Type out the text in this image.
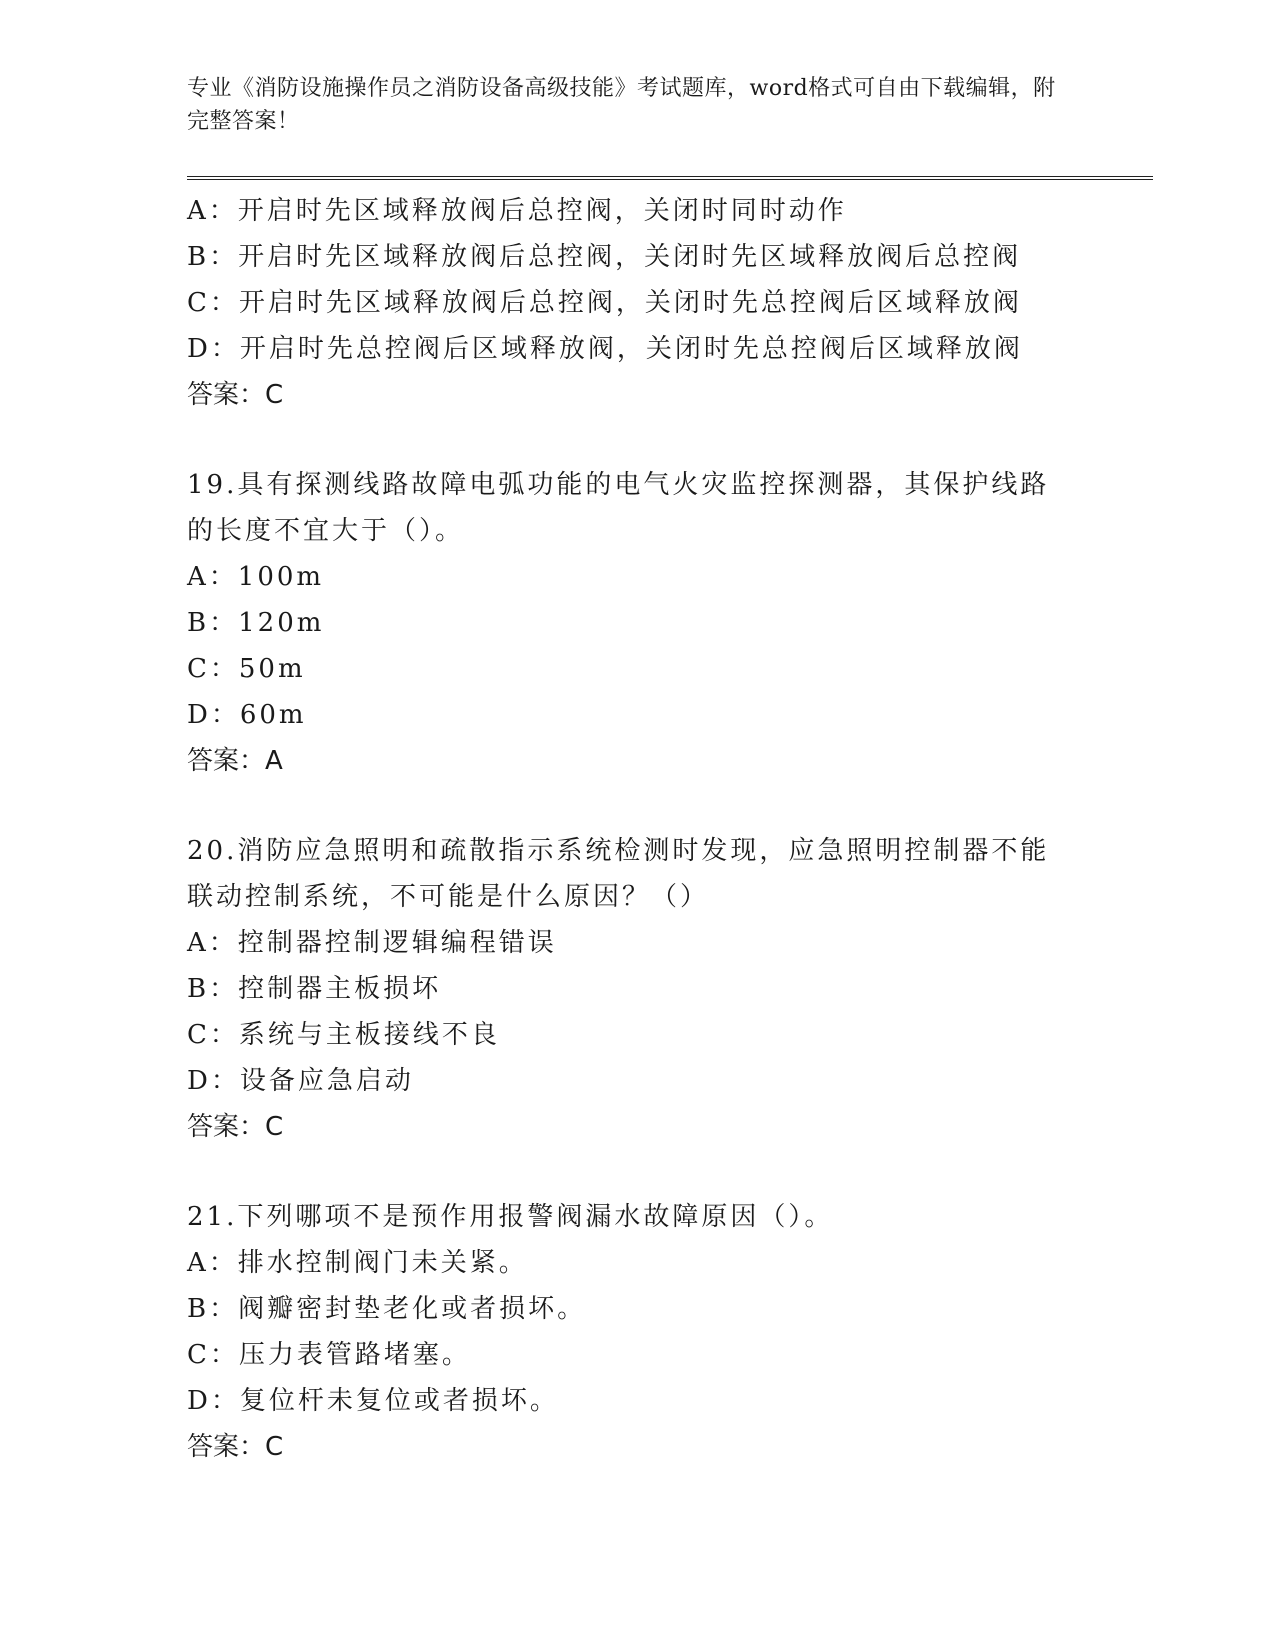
专业《消防设施操作员之消防设备高级技能》考试题库，word格式可自由下载编辑，附完整答案！
A：开启时先区域释放阀后总控阀，关闭时同时动作
B：开启时先区域释放阀后总控阀，关闭时先区域释放阀后总控阀
C：开启时先区域释放阀后总控阀，关闭时先总控阀后区域释放阀
D：开启时先总控阀后区域释放阀，关闭时先总控阀后区域释放阀
答案：C
19.具有探测线路故障电弧功能的电气火灾监控探测器，其保护线路的长度不宜大于（）。
A：100m
B：120m
C：50m
D：60m
答案：A
20.消防应急照明和疏散指示系统检测时发现，应急照明控制器不能联动控制系统，不可能是什么原因？（）
A：控制器控制逻辑编程错误
B：控制器主板损坏
C：系统与主板接线不良
D：设备应急启动
答案：C
21.下列哪项不是预作用报警阀漏水故障原因（）。
A：排水控制阀门未关紧。
B：阀瓣密封垫老化或者损坏。
C：压力表管路堵塞。
D：复位杆未复位或者损坏。
答案：C
